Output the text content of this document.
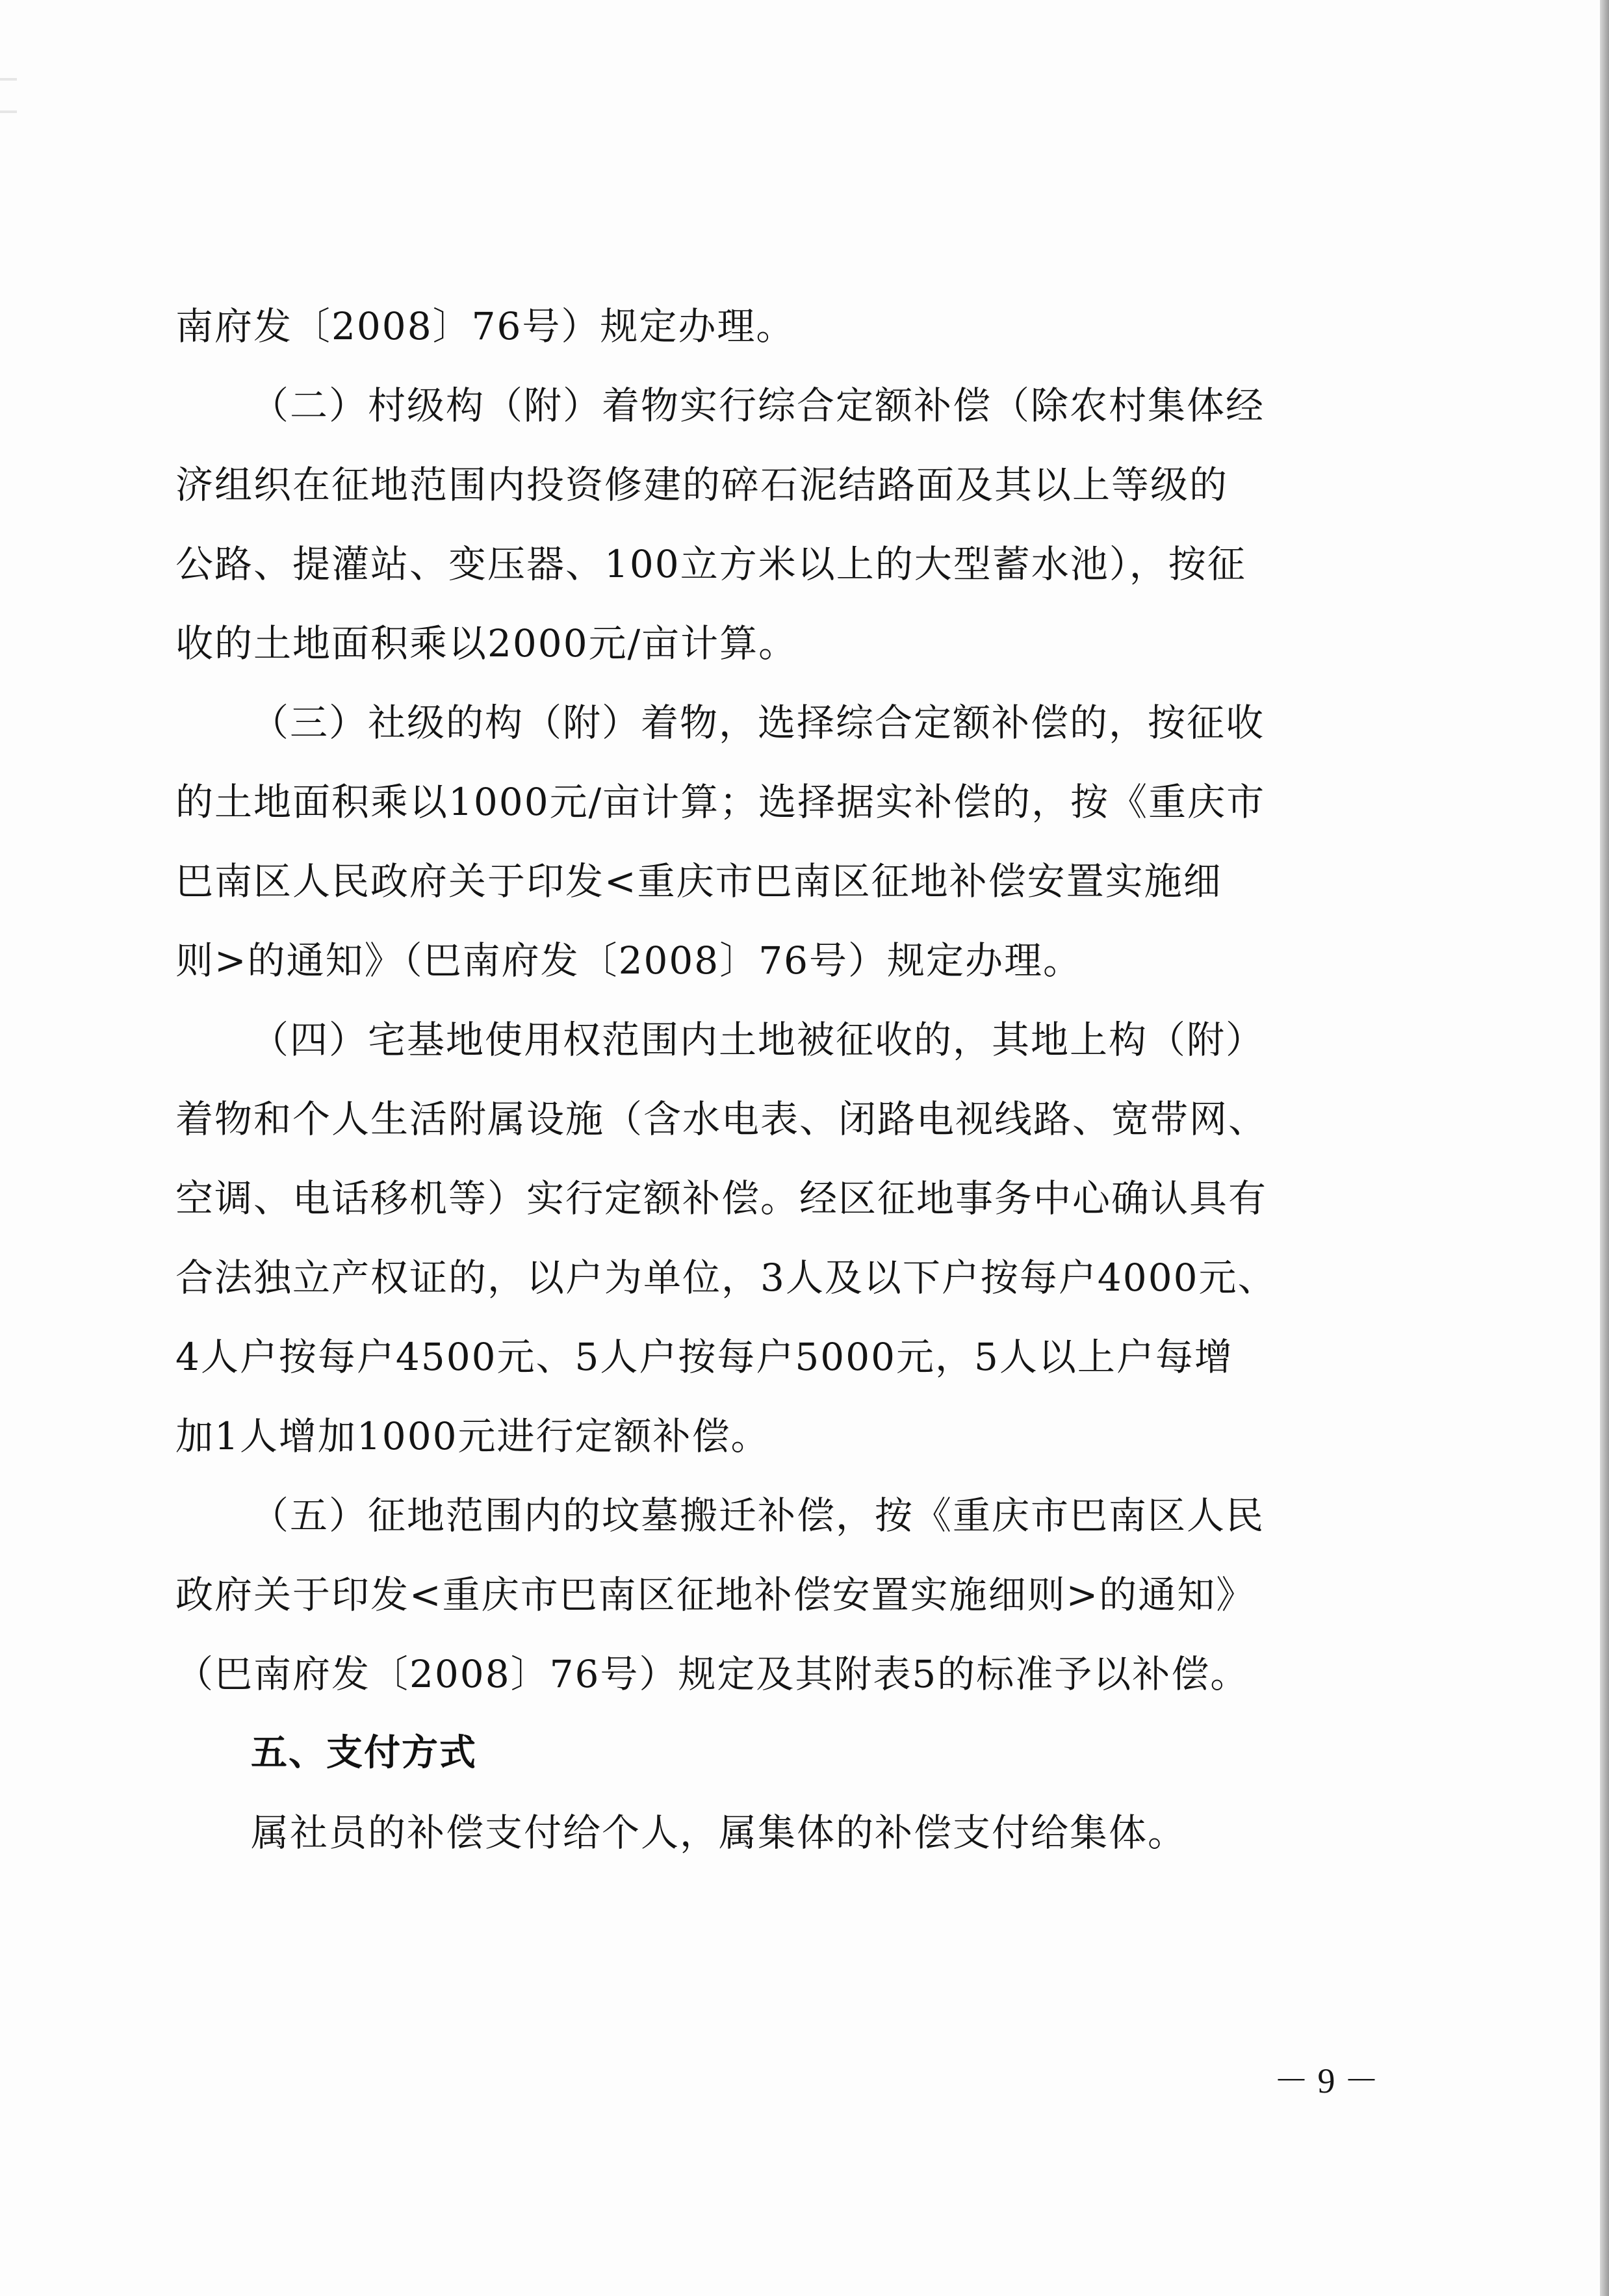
南府发〔2008〕76号）规定办理。
（二）村级构（附）着物实行综合定额补偿（除农村集体经
济组织在征地范围内投资修建的碎石泥结路面及其以上等级的
公路、提灌站、变压器、100立方米以上的大型蓄水池），按征
收的土地面积乘以2000元/亩计算。
（三）社级的构（附）着物，选择综合定额补偿的，按征收
的土地面积乘以1000元/亩计算；选择据实补偿的，按《重庆市
巴南区人民政府关于印发<重庆市巴南区征地补偿安置实施细
则>的通知》（巴南府发〔2008〕76号）规定办理。
（四）宅基地使用权范围内土地被征收的，其地上构（附）
着物和个人生活附属设施（含水电表、闭路电视线路、宽带网、
空调、电话移机等）实行定额补偿。经区征地事务中心确认具有
合法独立产权证的，以户为单位，3人及以下户按每户4000元、
4人户按每户4500元、5人户按每户5000元，5人以上户每增
加1人增加1000元进行定额补偿。
（五）征地范围内的坟墓搬迁补偿，按《重庆市巴南区人民
政府关于印发<重庆市巴南区征地补偿安置实施细则>的通知》
（巴南府发〔2008〕76号）规定及其附表5的标准予以补偿。
五、支付方式
属社员的补偿支付给个人，属集体的补偿支付给集体。
－ 9 －
